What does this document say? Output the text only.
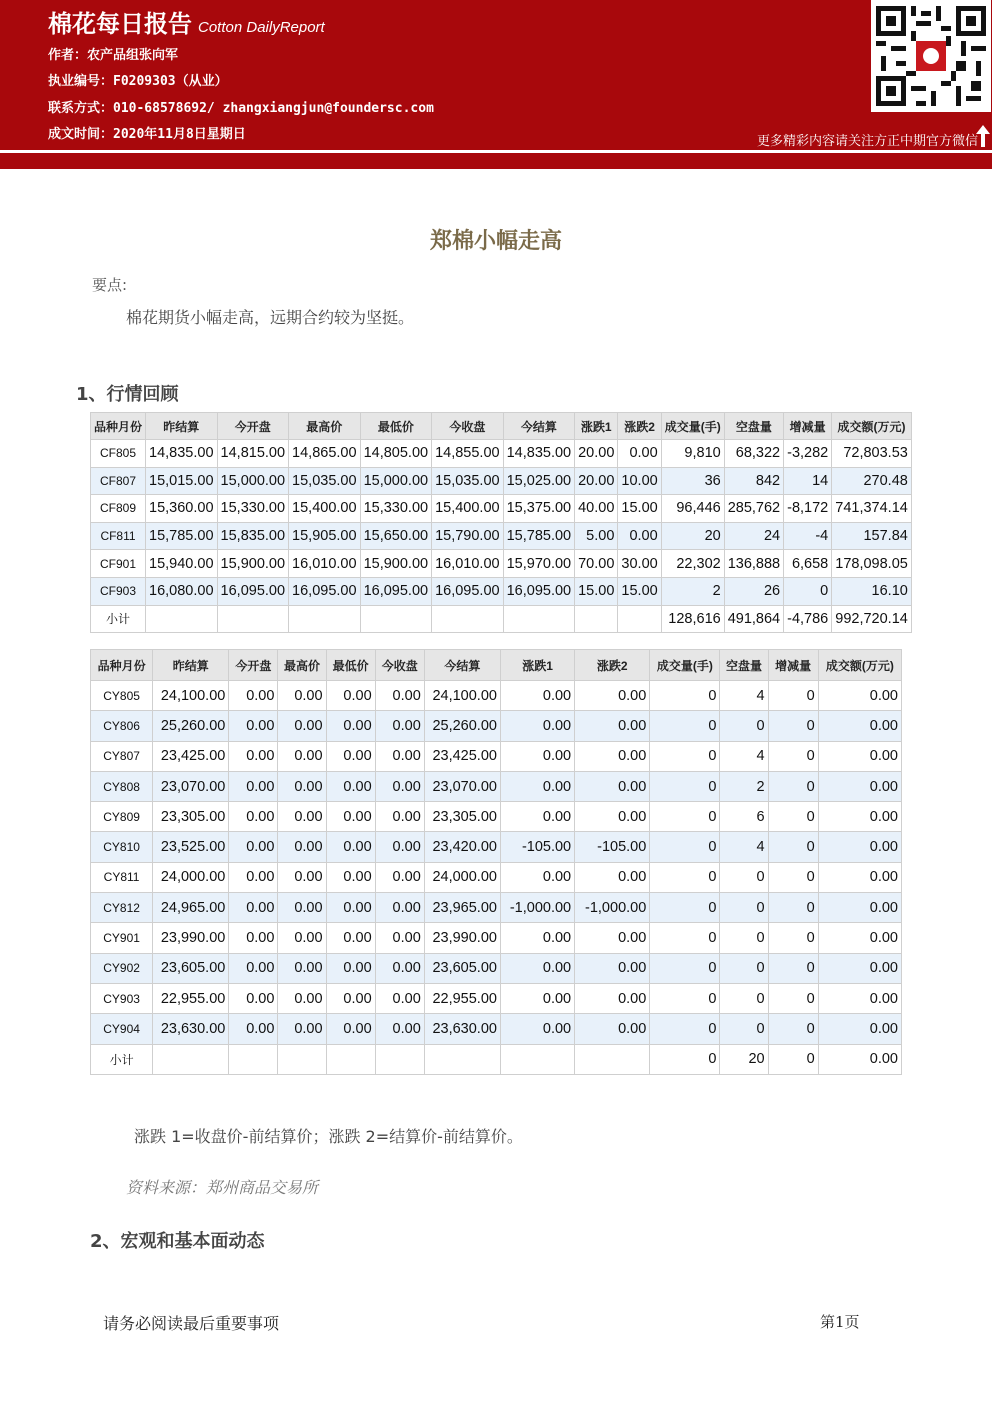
棉花每日报告 Cotton DailyReport
作者：农产品组张向军
执业编号：F0209303（从业）
联系方式：010-68578692/ zhangxiangjun@foundersc.com
成文时间：2020年11月8日星期日	更多精彩内容请关注方正中期官方微信
郑棉小幅走高
要点:
棉花期货小幅走高，远期合约较为坚挺。
1、行情回顾
品种月份	昨结算	今开盘	最高价	最低价	今收盘	今结算	涨跌1	涨跌2	成交量(手)	空盘量	增减量	成交额(万元)
CF805	14,835.00	14,815.00	14,865.00	14,805.00	14,855.00	14,835.00	20.00	0.00	9,810	68,322	-3,282	72,803.53
CF807	15,015.00	15,000.00	15,035.00	15,000.00	15,035.00	15,025.00	20.00	10.00	36	842	14	270.48
CF809	15,360.00	15,330.00	15,400.00	15,330.00	15,400.00	15,375.00	40.00	15.00	96,446	285,762	-8,172	741,374.14
CF811	15,785.00	15,835.00	15,905.00	15,650.00	15,790.00	15,785.00	5.00	0.00	20	24	-4	157.84
CF901	15,940.00	15,900.00	16,010.00	15,900.00	16,010.00	15,970.00	70.00	30.00	22,302	136,888	6,658	178,098.05
CF903	16,080.00	16,095.00	16,095.00	16,095.00	16,095.00	16,095.00	15.00	15.00	2	26	0	16.10
小计									128,616	491,864	-4,786	992,720.14
品种月份	昨结算	今开盘	最高价	最低价	今收盘	今结算	涨跌1	涨跌2	成交量(手)	空盘量	增减量	成交额(万元)
CY805	24,100.00	0.00	0.00	0.00	0.00	24,100.00	0.00	0.00	0	4	0	0.00
CY806	25,260.00	0.00	0.00	0.00	0.00	25,260.00	0.00	0.00	0	0	0	0.00
CY807	23,425.00	0.00	0.00	0.00	0.00	23,425.00	0.00	0.00	0	4	0	0.00
CY808	23,070.00	0.00	0.00	0.00	0.00	23,070.00	0.00	0.00	0	2	0	0.00
CY809	23,305.00	0.00	0.00	0.00	0.00	23,305.00	0.00	0.00	0	6	0	0.00
CY810	23,525.00	0.00	0.00	0.00	0.00	23,420.00	-105.00	-105.00	0	4	0	0.00
CY811	24,000.00	0.00	0.00	0.00	0.00	24,000.00	0.00	0.00	0	0	0	0.00
CY812	24,965.00	0.00	0.00	0.00	0.00	23,965.00	-1,000.00	-1,000.00	0	0	0	0.00
CY901	23,990.00	0.00	0.00	0.00	0.00	23,990.00	0.00	0.00	0	0	0	0.00
CY902	23,605.00	0.00	0.00	0.00	0.00	23,605.00	0.00	0.00	0	0	0	0.00
CY903	22,955.00	0.00	0.00	0.00	0.00	22,955.00	0.00	0.00	0	0	0	0.00
CY904	23,630.00	0.00	0.00	0.00	0.00	23,630.00	0.00	0.00	0	0	0	0.00
小计									0	20	0	0.00
涨跌 1=收盘价-前结算价；涨跌 2=结算价-前结算价。
资料来源：郑州商品交易所
2、宏观和基本面动态
请务必阅读最后重要事项	第1页
